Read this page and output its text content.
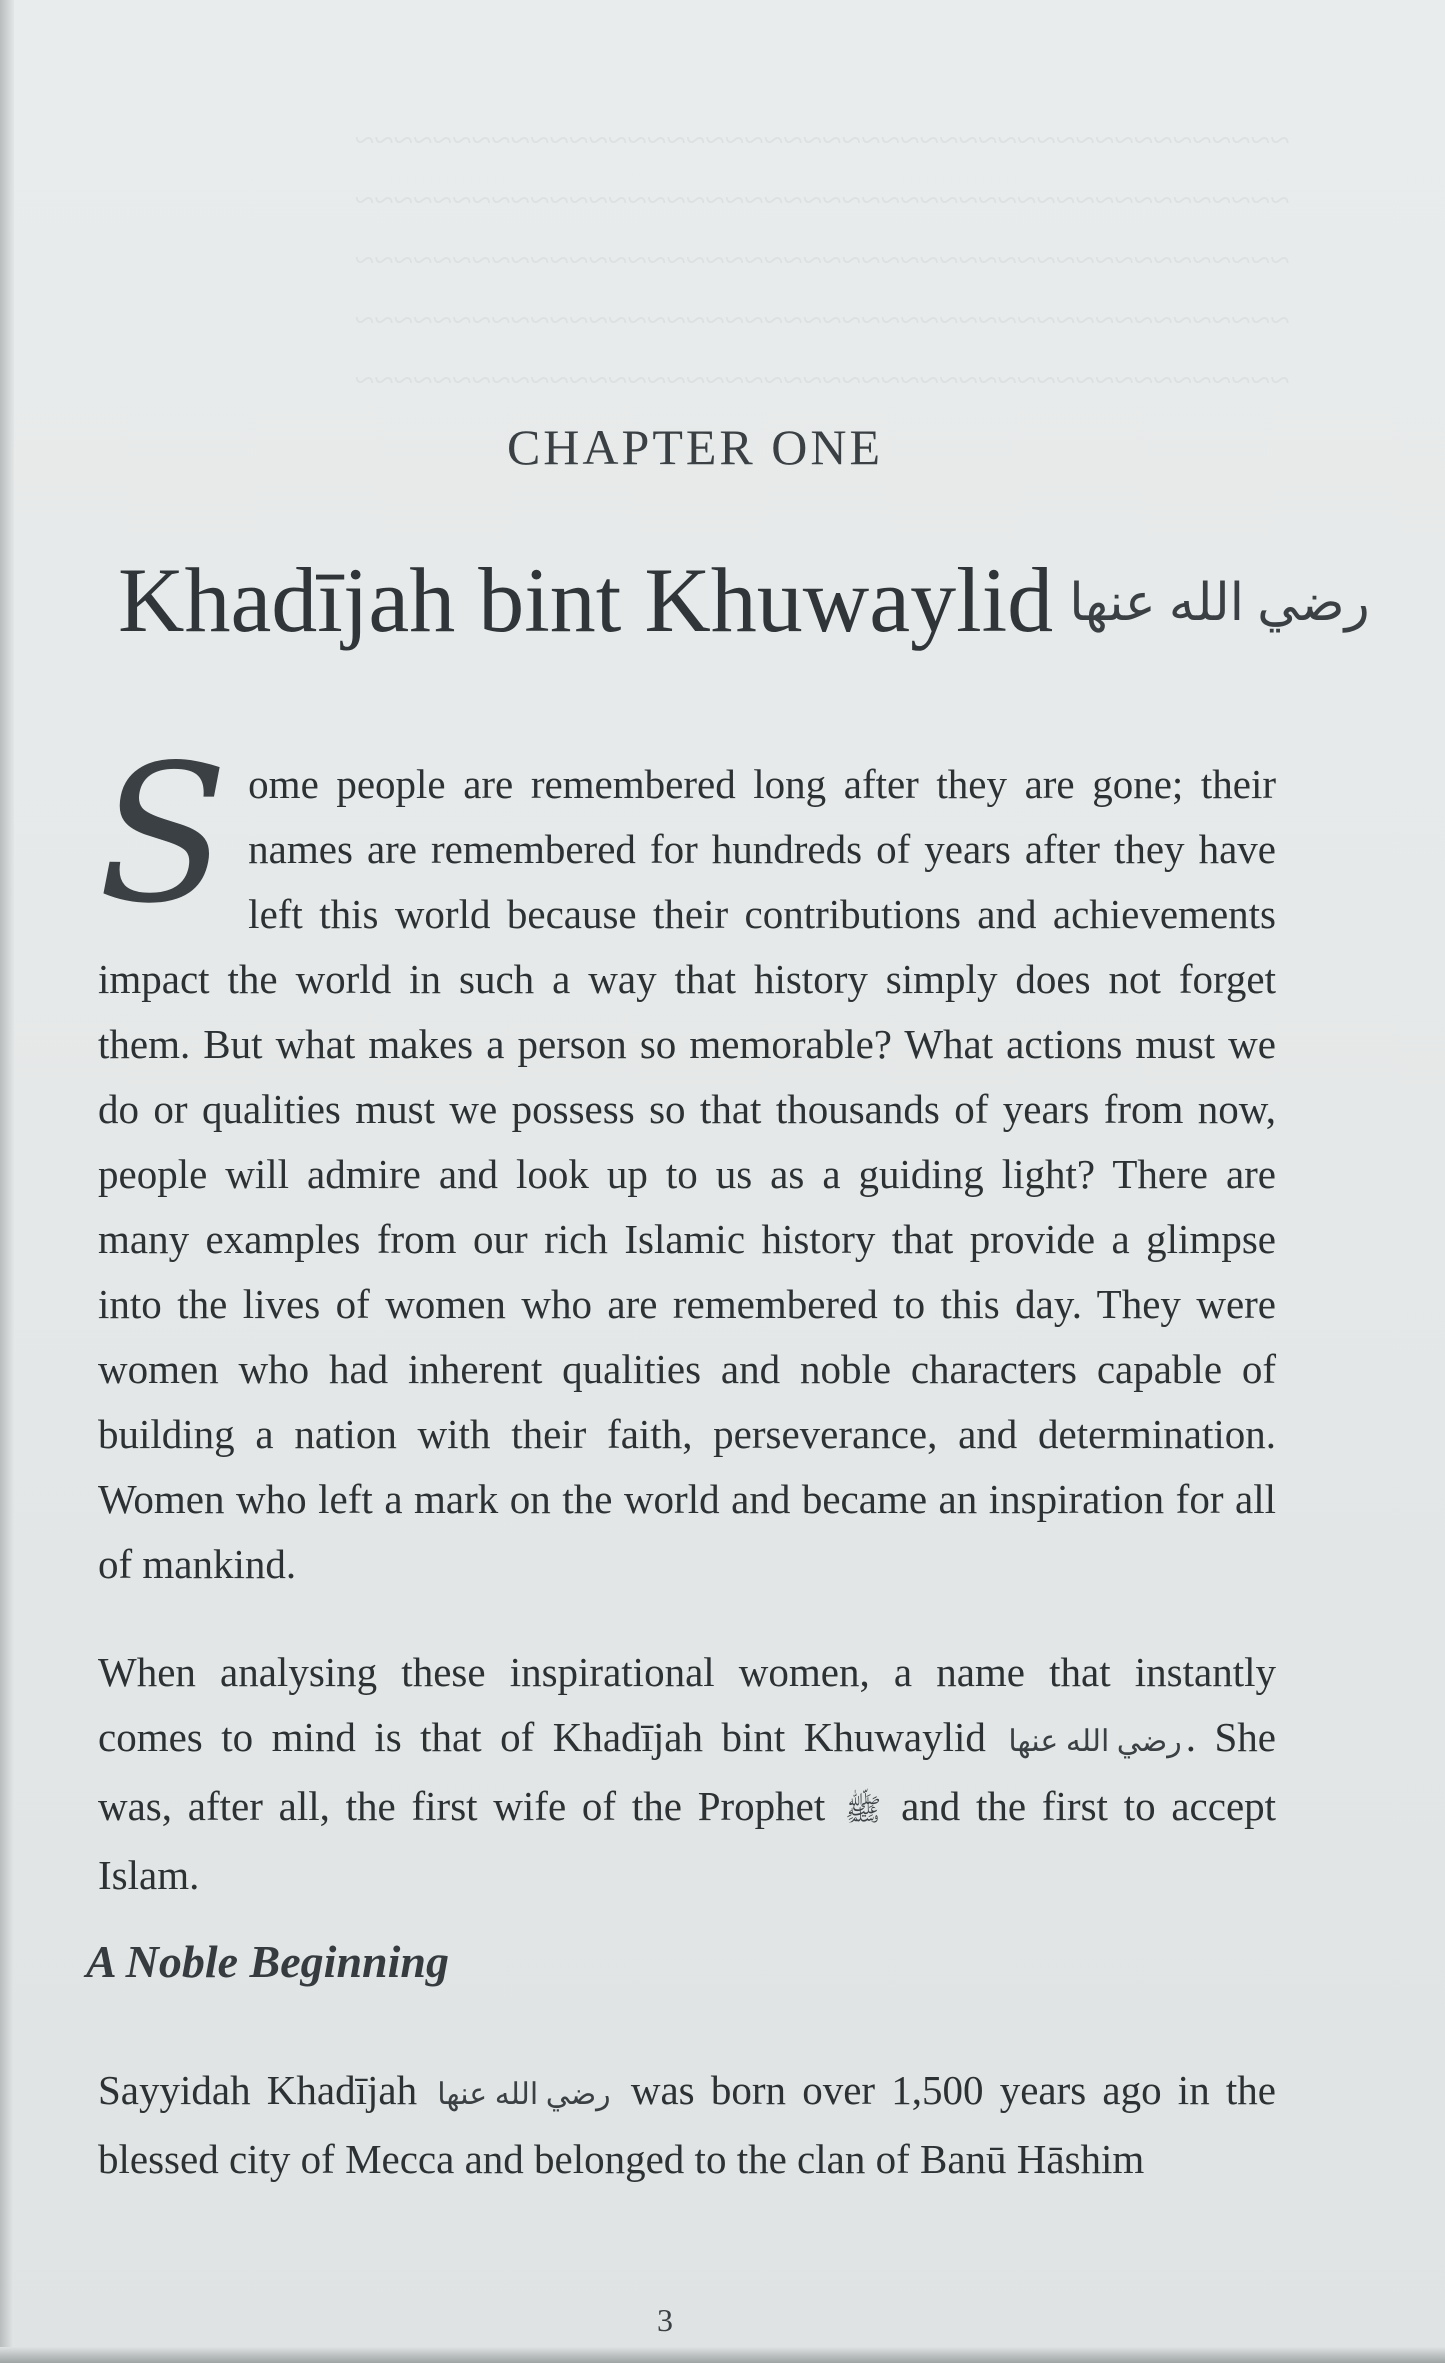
~~~~~~~~~~~~~~~~~~~~~~~~~~~~~~~~~~~~~~~~~~~~~~~~
~~~~~~~~~~~~~~~~~~~~~~~~~~~~~~~~~~~~~~~~~~~~~~~~
~~~~~~~~~~~~~~~~~~~~~~~~~~~~~~~~~~~~~~~~~~~~~~~~
~~~~~~~~~~~~~~~~~~~~~~~~~~~~~~~~~~~~~~~~~~~~~~~~
~~~~~~~~~~~~~~~~~~~~~~~~~~~~~~~~~~~~~~~~~~~~~~~~
CHAPTER ONE
Khadījah bint Khuwaylid رضي الله عنها

Some people are remembered long after they are gone; their names are remembered for hundreds of years after they have left this world because their contributions and achievements impact the world in such a way that history simply does not forget them. But what makes a person so memorable? What actions must we do or qualities must we possess so that thousands of years from now, people will admire and look up to us as a guiding light? There are many examples from our rich Islamic history that provide a glimpse into the lives of women who are remembered to this day. They were women who had inherent qualities and noble characters capable of building a nation with their faith, perseverance, and determination. Women who left a mark on the world and became an inspiration for all of mankind.

When analysing these inspirational women, a name that instantly comes to mind is that of Khadījah bint Khuwaylid رضي الله عنها. She was, after all, the first wife of the Prophet ﷺ and the first to accept Islam.

A Noble Beginning

Sayyidah Khadījah رضي الله عنها was born over 1,500 years ago in the blessed city of Mecca and belonged to the clan of Banū Hāshim

3
